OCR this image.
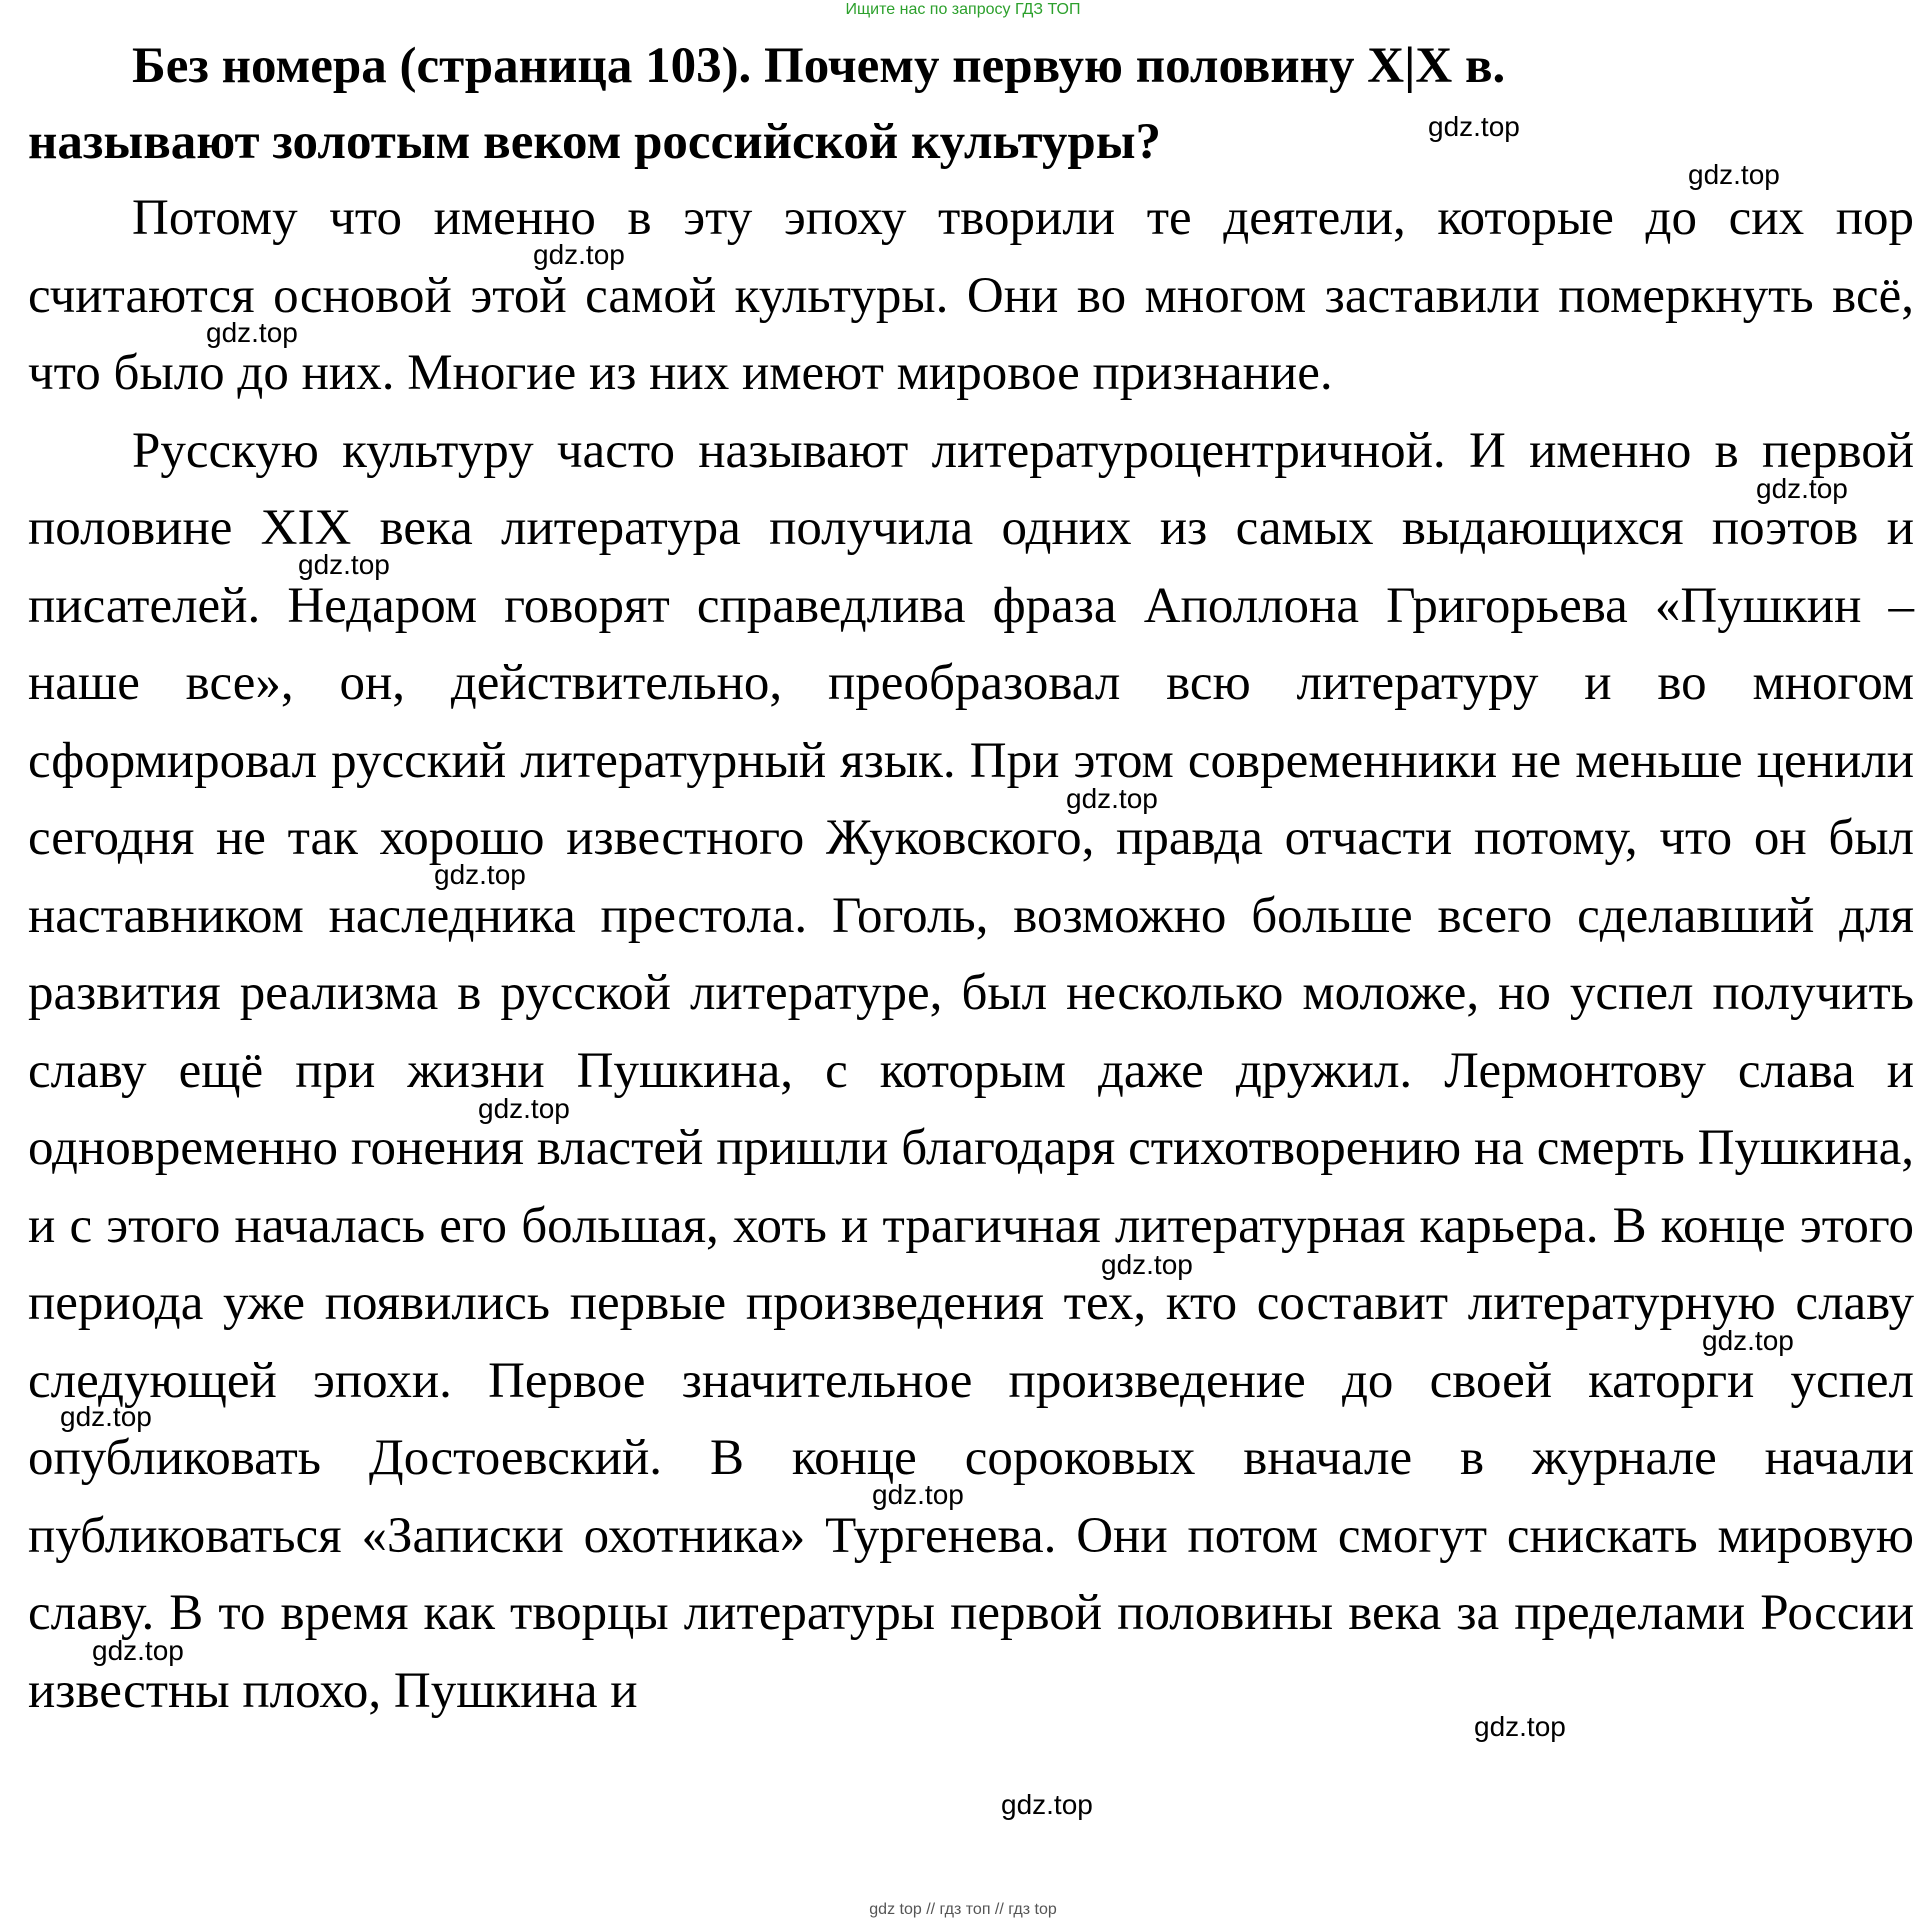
Ищите нас по запросу ГДЗ ТОП
Без номера (страница 103). Почему первую половину X|X в.
называют золотым веком российской культуры?

Потому что именно в эту эпоху творили те деятели, которые до сих пор считаются основой этой самой культуры. Они во многом заставили померкнуть всё, что было до них. Многие из них имеют мировое признание.

Русскую культуру часто называют литературоцентричной. И именно в первой половине XIX века литература получила одних из самых выдающихся поэтов и писателей. Недаром говорят справедлива фраза Аполлона Григорьева «Пушкин – наше все», он, действительно, преобразовал всю литературу и во многом сформировал русский литературный язык. При этом современники не меньше ценили сегодня не так хорошо известного Жуковского, правда отчасти потому, что он был наставником наследника престола. Гоголь, возможно больше всего сделавший для развития реализма в русской литературе, был несколько моложе, но успел получить славу ещё при жизни Пушкина, с которым даже дружил. Лермонтову слава и одновременно гонения властей пришли благодаря стихотворению на смерть Пушкина, и с этого началась его большая, хоть и трагичная литературная карьера. В конце этого периода уже появились первые произведения тех, кто составит литературную славу следующей эпохи. Первое значительное произведение до своей каторги успел опубликовать Достоевский. В конце сороковых вначале в журнале начали публиковаться «Записки охотника» Тургенева. Они потом смогут снискать мировую славу. В то время как творцы литературы первой половины века за пределами России известны плохо, Пушкина и

gdz.top
gdz.top
gdz.top
gdz.top
gdz.top
gdz.top
gdz.top
gdz.top
gdz.top
gdz.top
gdz.top
gdz.top
gdz.top
gdz.top
gdz.top
gdz.top
gdz top // гдз топ // гдз top
